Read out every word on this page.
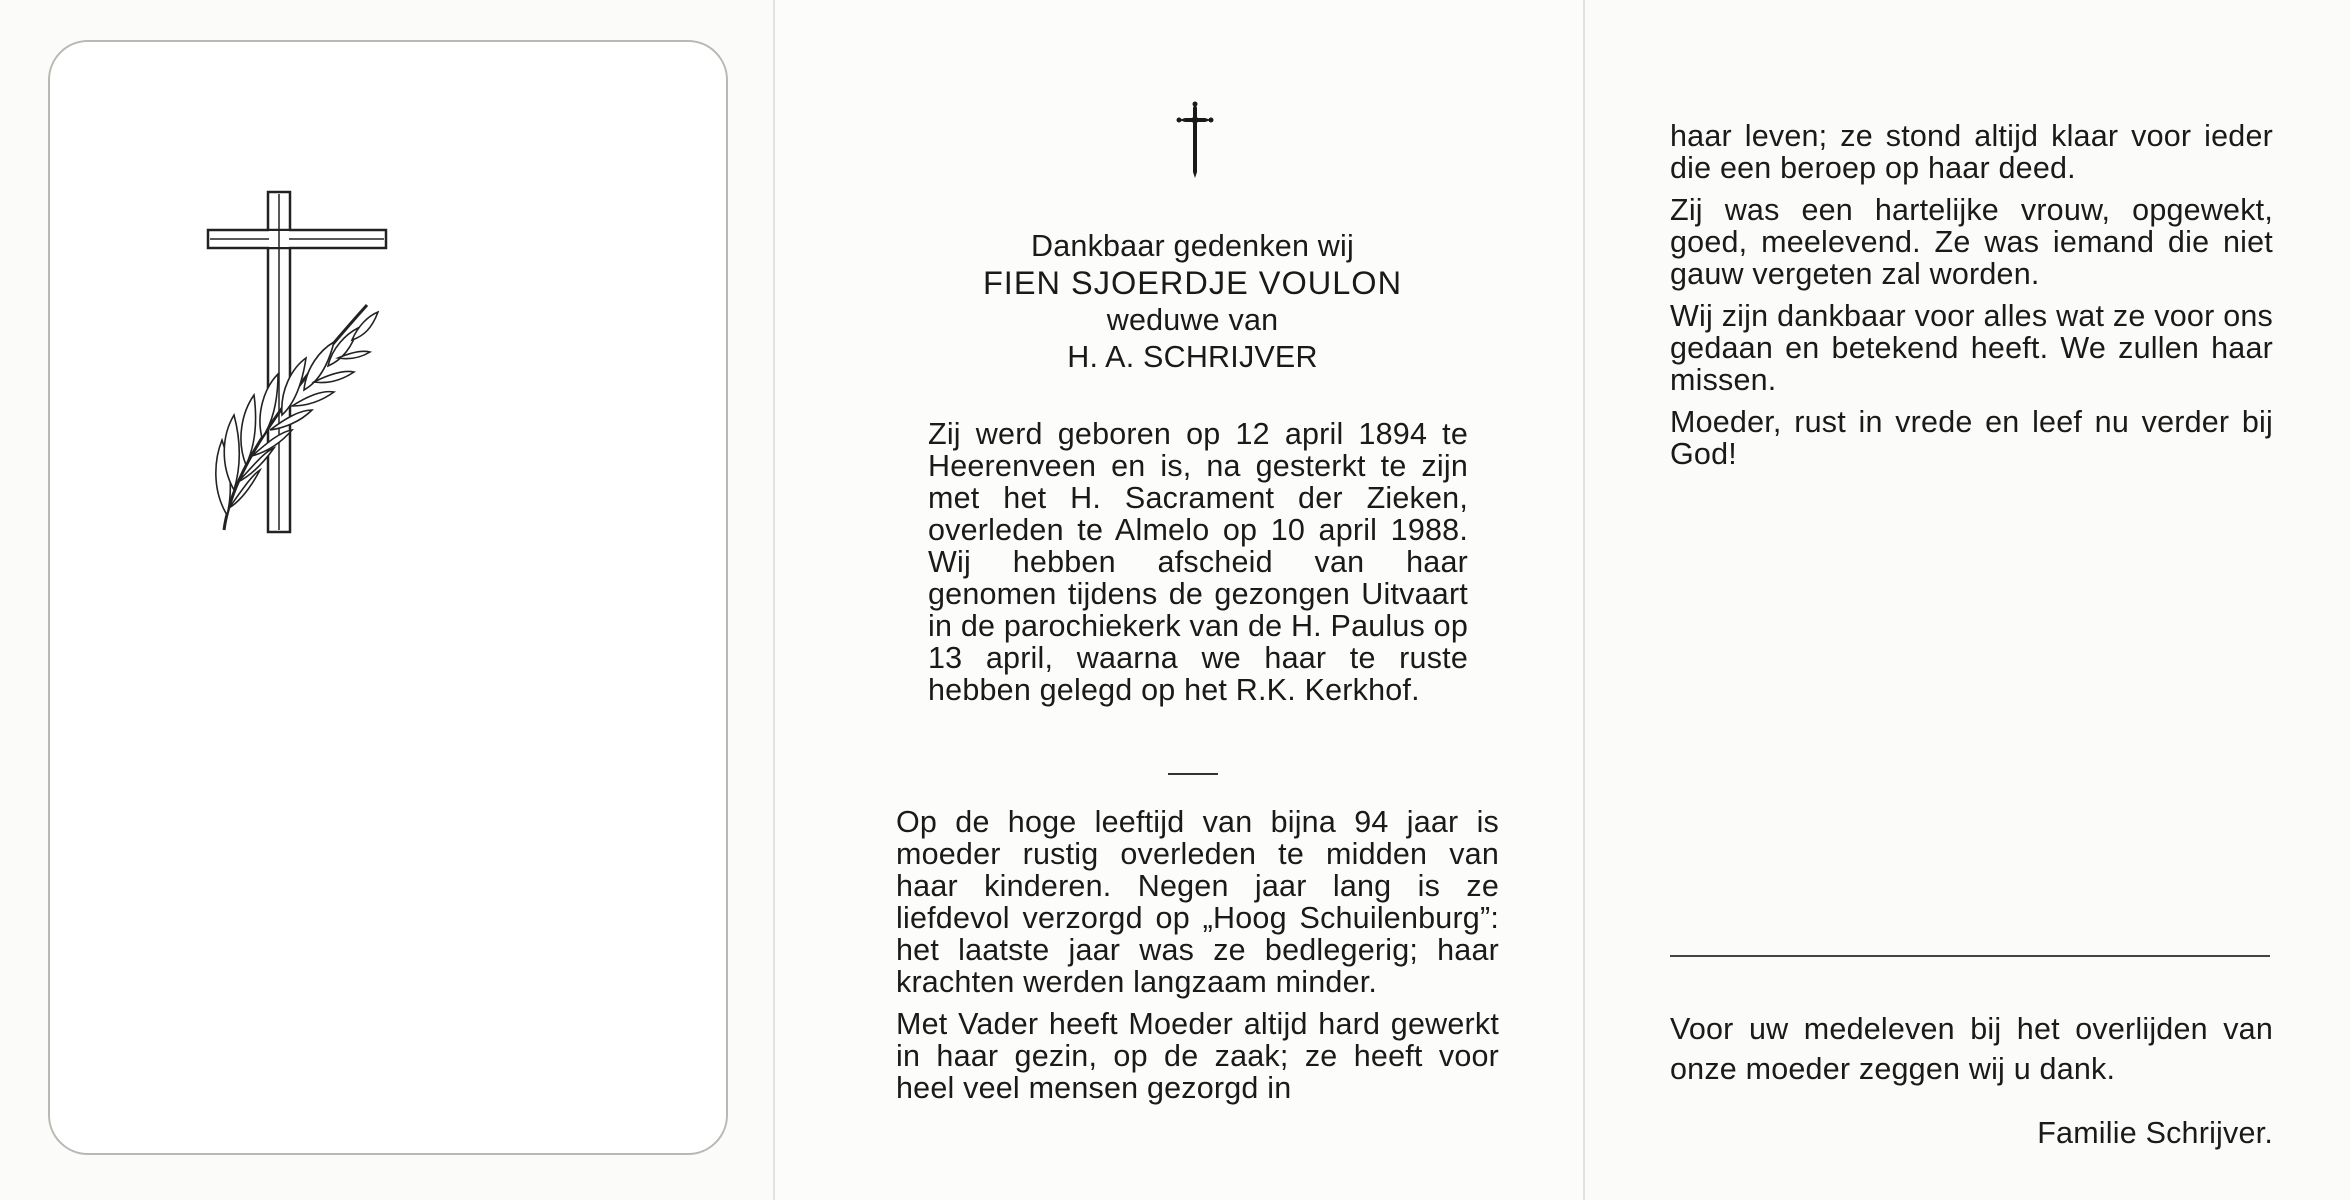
Dankbaar gedenken wij
FIEN SJOERDJE VOULON
weduwe van
H. A. SCHRIJVER

Zij werd geboren op 12 april 1894 te Heerenveen en is, na gesterkt te zijn met het H. Sacrament der Zieken, overleden te Almelo op 10 april 1988. Wij hebben afscheid van haar genomen tijdens de gezongen Uitvaart in de parochiekerk van de H. Paulus op 13 april, waarna we haar te ruste hebben gelegd op het R.K. Kerkhof.

Op de hoge leeftijd van bijna 94 jaar is moeder rustig overleden te midden van haar kinderen. Negen jaar lang is ze liefdevol verzorgd op „Hoog Schuilenburg”: het laatste jaar was ze bedlegerig; haar krachten werden langzaam minder.

Met Vader heeft Moeder altijd hard gewerkt in haar gezin, op de zaak; ze heeft voor heel veel mensen gezorgd in

haar leven; ze stond altijd klaar voor ieder die een beroep op haar deed.

Zij was een hartelijke vrouw, opgewekt, goed, meelevend. Ze was iemand die niet gauw vergeten zal worden.

Wij zijn dankbaar voor alles wat ze voor ons gedaan en betekend heeft. We zullen haar missen.

Moeder, rust in vrede en leef nu verder bij God!

Voor uw medeleven bij het overlijden van onze moeder zeggen wij u dank.

Familie Schrijver.
